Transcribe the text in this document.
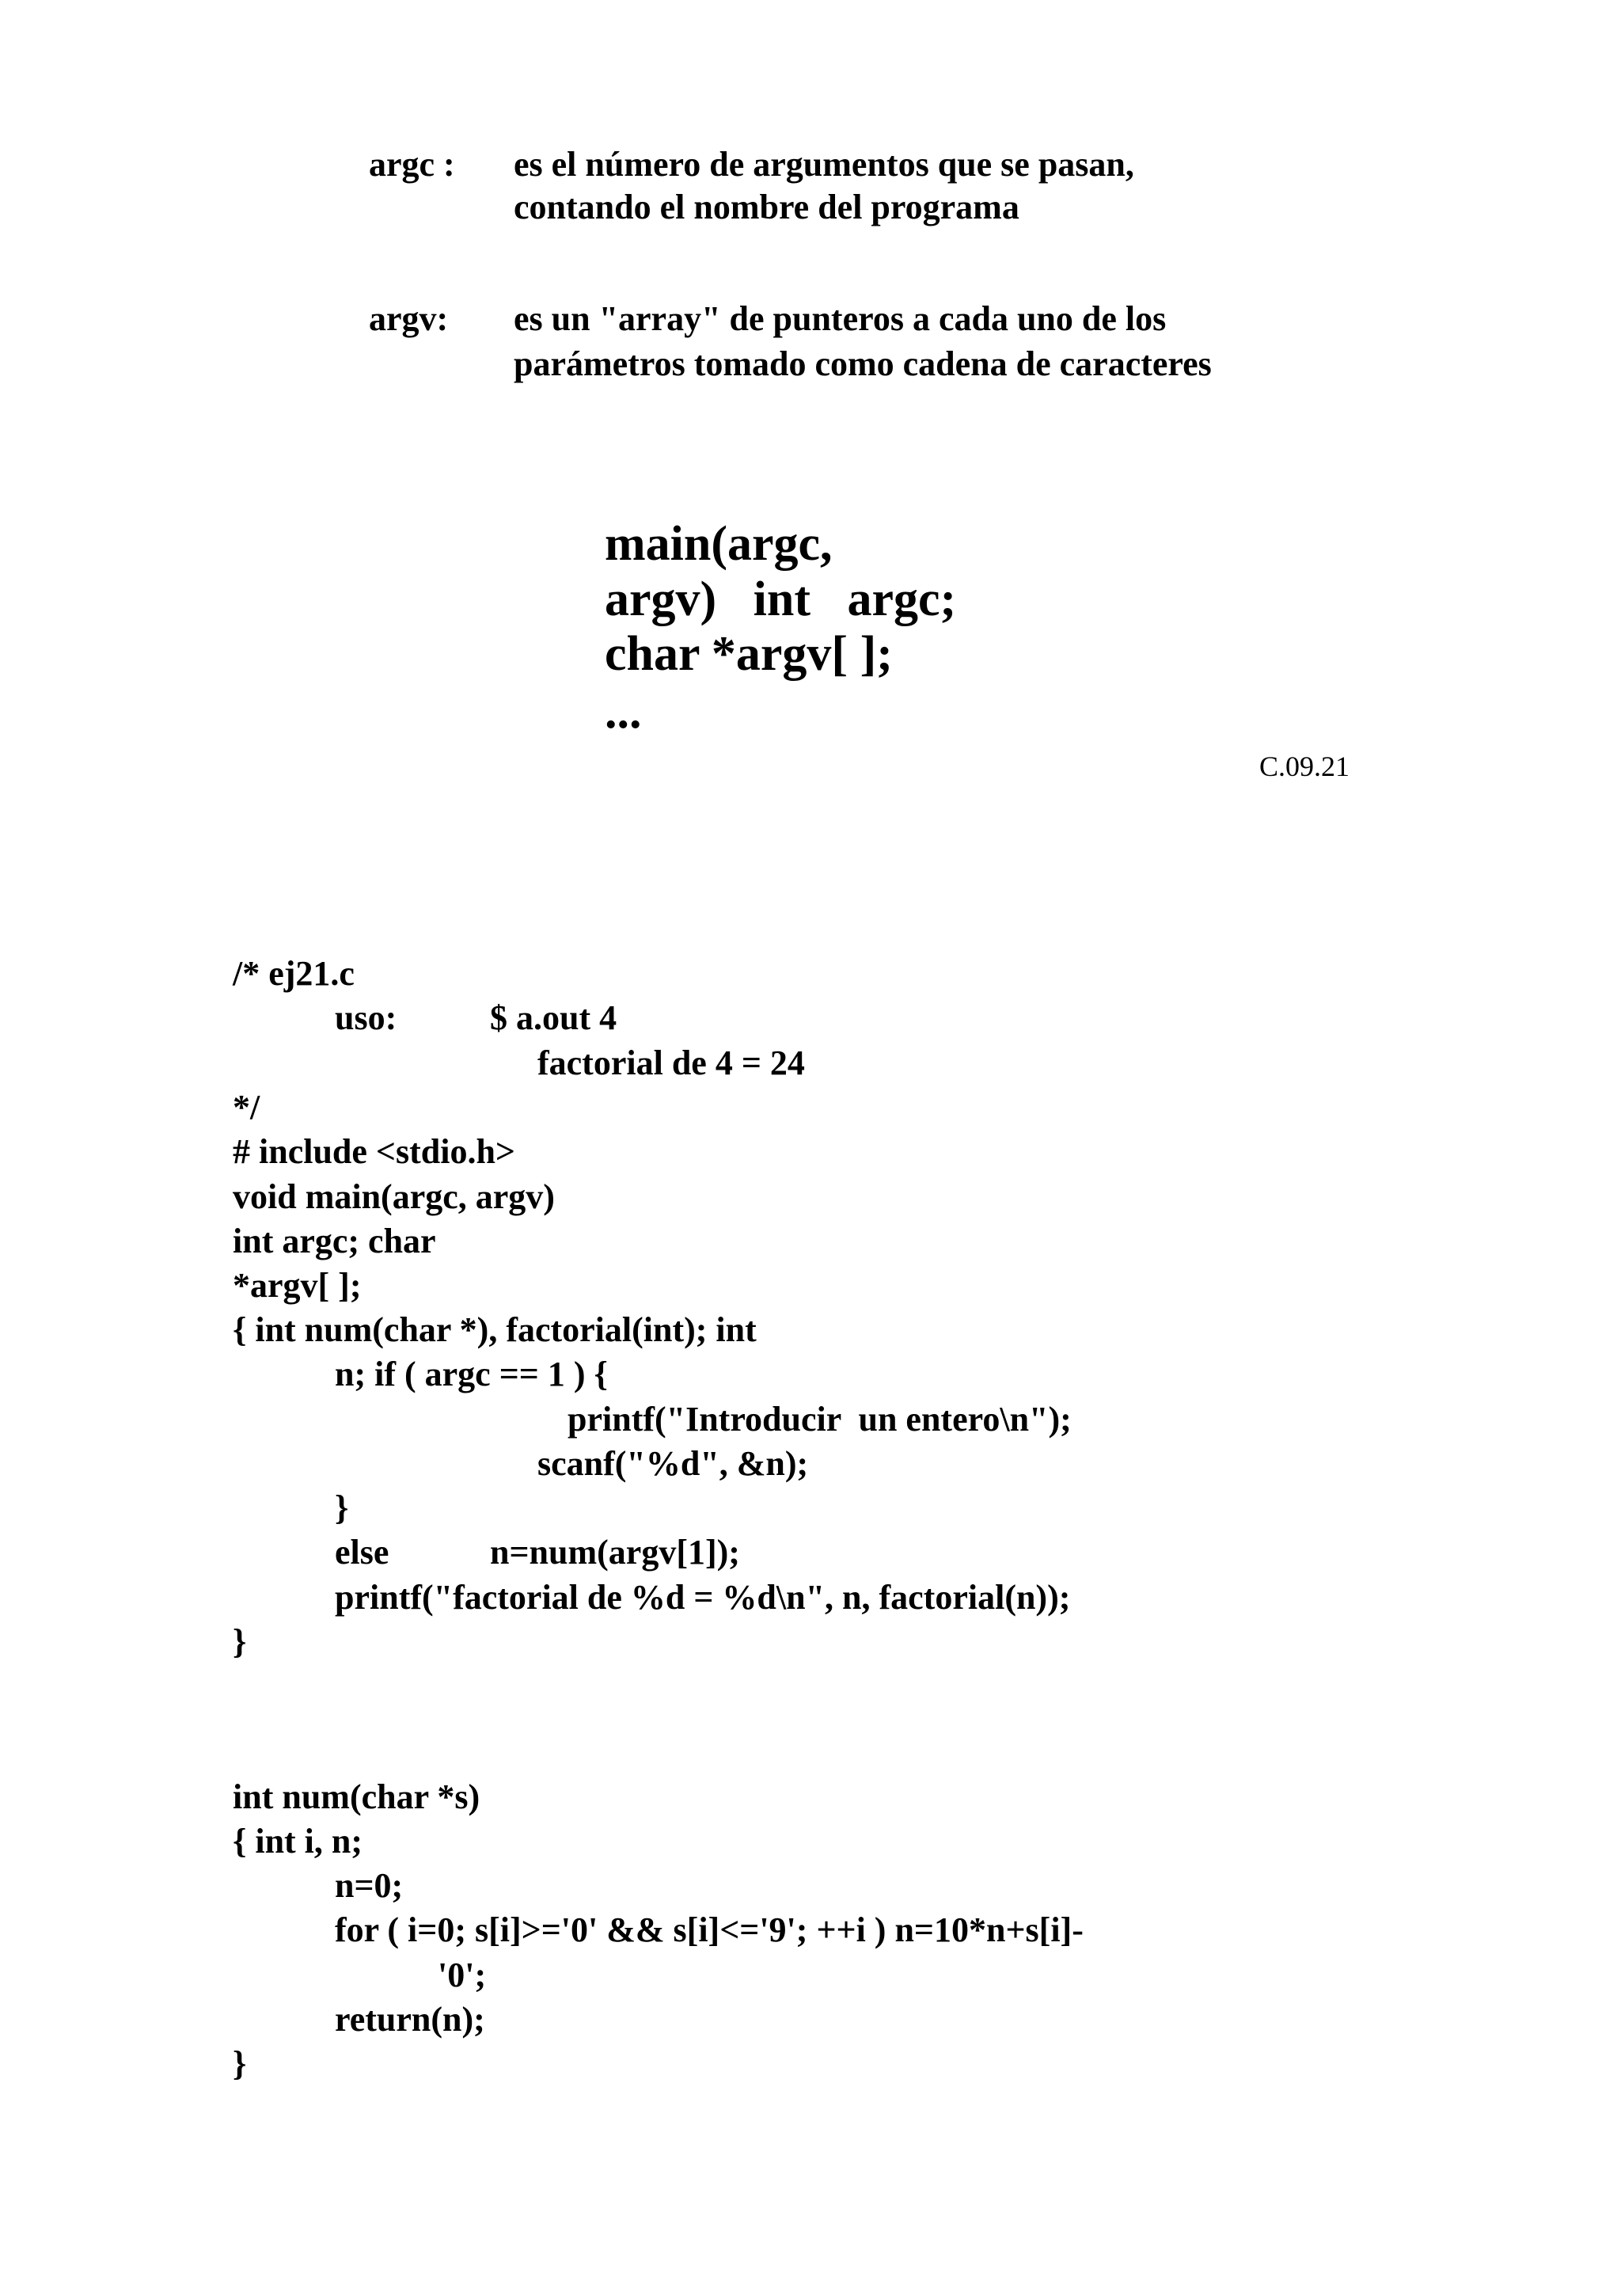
argc : es el número de argumentos que se pasan,
contando el nombre del programa
argv: es un "array" de punteros a cada uno de los
parámetros tomado como cadena de caracteres
main(argc,
argv)   int   argc;
char *argv[ ];
...
C.09.21
/* ej21.c
uso:	$ a.out 4
factorial de 4 = 24
*/
# include <stdio.h>
void main(argc, argv)
int argc; char
*argv[ ];
{ int num(char *), factorial(int); int
n; if ( argc == 1 ) {
printf("Introducir  un entero\n");
scanf("%d", &n);
}
else	n=num(argv[1]);
printf("factorial de %d = %d\n", n, factorial(n));
}
int num(char *s)
{ int i, n;
n=0;
for ( i=0; s[i]>='0' && s[i]<='9'; ++i ) n=10*n+s[i]-
'0';
return(n);
}
